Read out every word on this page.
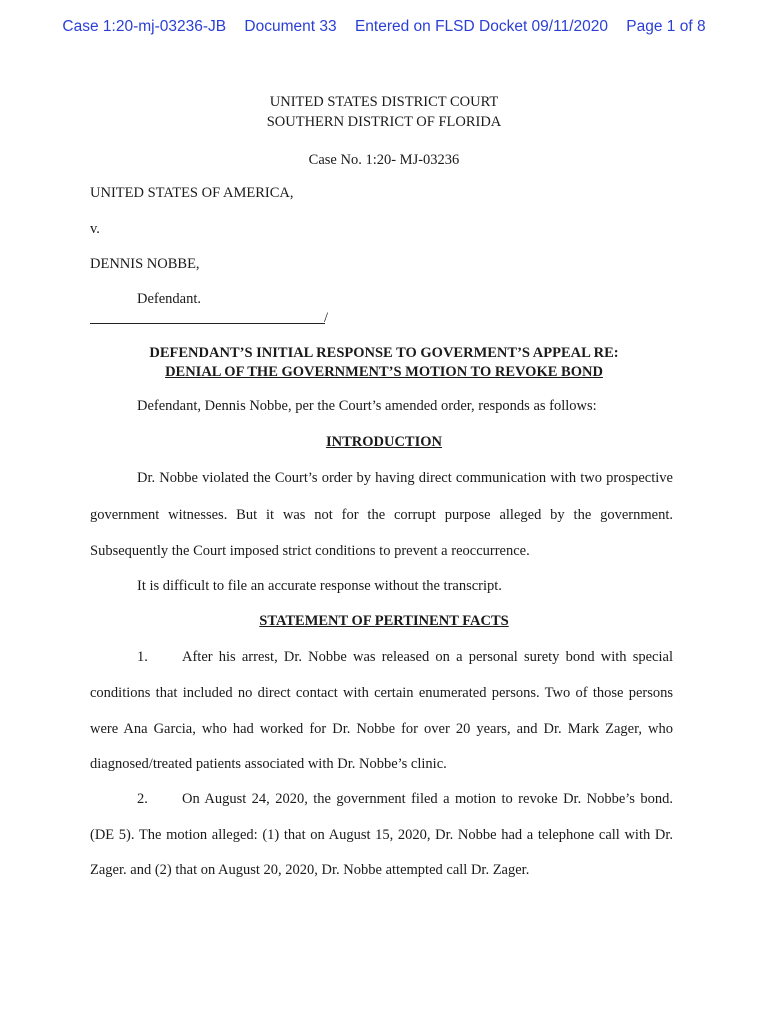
Case 1:20-mj-03236-JB Document 33 Entered on FLSD Docket 09/11/2020 Page 1 of 8
UNITED STATES DISTRICT COURT
SOUTHERN DISTRICT OF FLORIDA
Case No. 1:20- MJ-03236
UNITED STATES OF AMERICA,
v.
DENNIS NOBBE,
Defendant.
/
DEFENDANT’S INITIAL RESPONSE TO GOVERMENT’S APPEAL RE:
DENIAL OF THE GOVERNMENT’S MOTION TO REVOKE BOND
Defendant, Dennis Nobbe, per the Court’s amended order, responds as follows:
INTRODUCTION
Dr. Nobbe violated the Court’s order by having direct communication with two prospective
government witnesses. But it was not for the corrupt purpose alleged by the government.
Subsequently the Court imposed strict conditions to prevent a reoccurrence.
It is difficult to file an accurate response without the transcript.
STATEMENT OF PERTINENT FACTS
1. After his arrest, Dr. Nobbe was released on a personal surety bond with special
conditions that included no direct contact with certain enumerated persons. Two of those persons
were Ana Garcia, who had worked for Dr. Nobbe for over 20 years, and Dr. Mark Zager, who
diagnosed/treated patients associated with Dr. Nobbe’s clinic.
2. On August 24, 2020, the government filed a motion to revoke Dr. Nobbe’s bond.
(DE 5). The motion alleged: (1) that on August 15, 2020, Dr. Nobbe had a telephone call with Dr.
Zager. and (2) that on August 20, 2020, Dr. Nobbe attempted call Dr. Zager.
